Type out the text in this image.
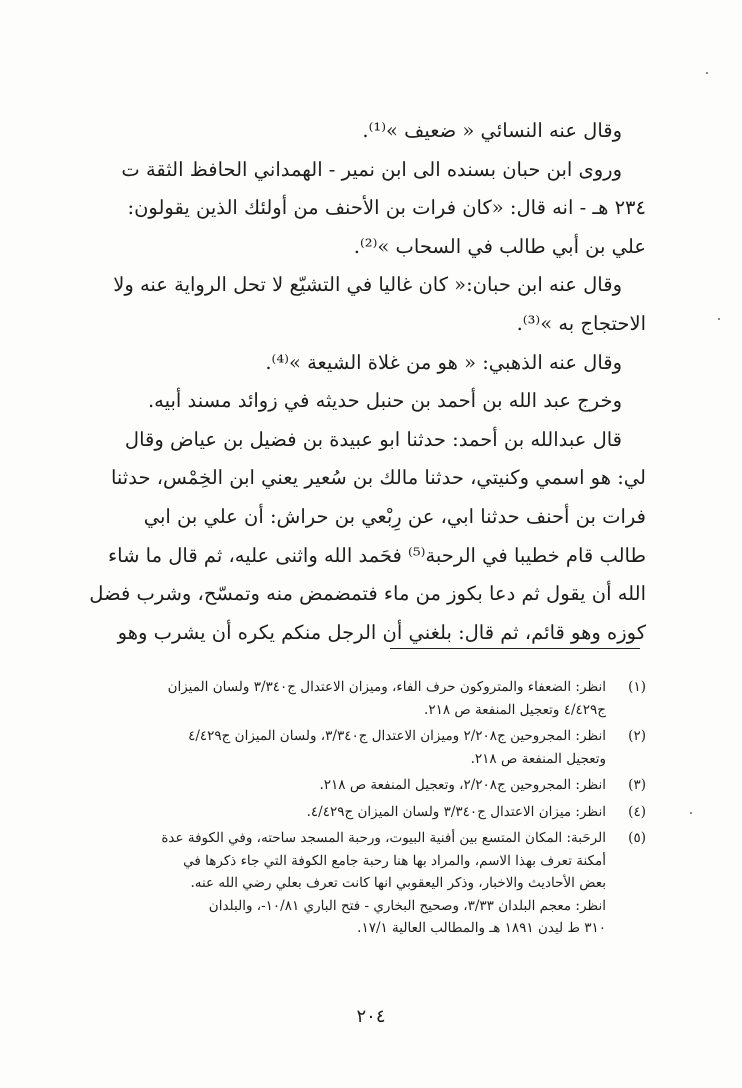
وقال عنه النسائي « ضعيف »⁽¹⁾.
وروى ابن حبان بسنده الى ابن نمير - الهمداني الحافظ الثقة ت
٢٣٤ هـ - انه قال: «كان فرات بن الأحنف من أولئك الذين يقولون:
علي بن أبي طالب في السحاب »⁽²⁾.
وقال عنه ابن حبان:« كان غاليا في التشيّع لا تحل الرواية عنه ولا
الاحتجاج به »⁽³⁾.
وقال عنه الذهبي: « هو من غلاة الشيعة »⁽⁴⁾.
وخرج عبد الله بن أحمد بن حنبل حديثه في زوائد مسند أبيه.
قال عبدالله بن أحمد: حدثنا ابو عبيدة بن فضيل بن عياض وقال
لي: هو اسمي وكنيتي، حدثنا مالك بن سُعير يعني ابن الخِمْس، حدثنا
فرات بن أحنف حدثنا ابي، عن رِبْعي بن حراش: أن علي بن ابي
طالب قام خطيبا في الرحبة⁽⁵⁾ فحَمد الله واثنى عليه، ثم قال ما شاء
الله أن يقول ثم دعا بكوز من ماء فتمضمض منه وتمسّح، وشرب فضل
كوزه وهو قائم، ثم قال: بلغني أن الرجل منكم يكره أن يشرب وهو
(١)
انظر: الضعفاء والمتروكون حرف الفاء، وميزان الاعتدال ج٣/٣٤٠ ولسان الميزان
ج٤/٤٢٩ وتعجيل المنفعة ص ٢١٨.
(٢)
انظر: المجروحين ج٢/٢٠٨ وميزان الاعتدال ج٣/٣٤٠، ولسان الميزان ج٤/٤٢٩
وتعجيل المنفعة ص ٢١٨.
(٣)
انظر: المجروحين ج٢/٢٠٨، وتعجيل المنفعة ص ٢١٨.
(٤)
انظر: ميزان الاعتدال ج٣/٣٤٠ ولسان الميزان ج٤/٤٢٩.
(٥)
الرحَبة: المكان المتسع بين أفنية البيوت، ورحبة المسجد ساحته، وفي الكوفة عدة
أمكنة تعرف بهذا الاسم، والمراد بها هنا رحبة جامع الكوفة التي جاء ذكرها في
بعض الأحاديث والاخبار، وذكر اليعقوبي انها كانت تعرف بعلي رضي الله عنه.
انظر: معجم البلدان ٣/٣٣، وصحيح البخاري - فتح الباري ١٠/٨١-، والبلدان
٣١٠ ط ليدن ١٨٩١ هـ والمطالب العالية ١٧/١.
٢٠٤
